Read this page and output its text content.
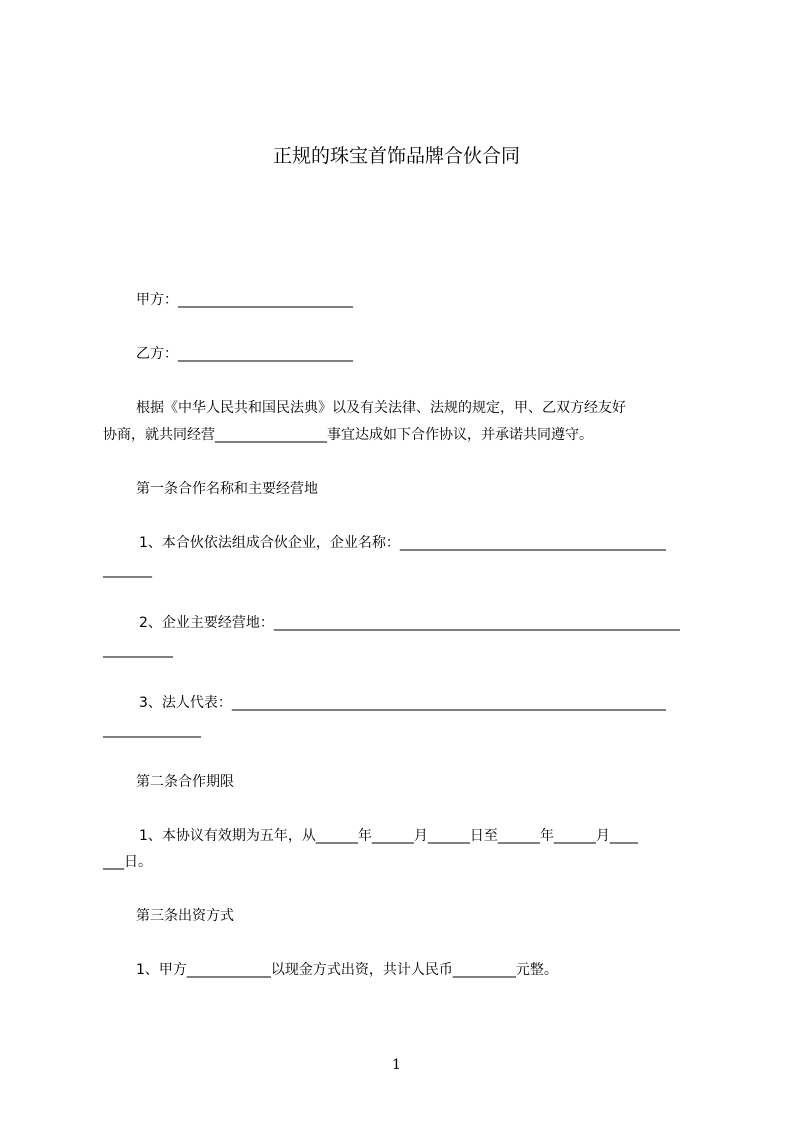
正规的珠宝首饰品牌合伙合同
甲方：_________________________
乙方：_________________________
根据《中华人民共和国民法典》以及有关法律、法规的规定，甲、乙双方经友好
协商，就共同经营________________事宜达成如下合作协议，并承诺共同遵守。
第一条合作名称和主要经营地
1、本合伙依法组成合伙企业，企业名称：______________________________________
_______
2、企业主要经营地：__________________________________________________________
__________
3、法人代表：______________________________________________________________
______________
第二条合作期限
1、本协议有效期为五年，从______年______月______日至______年______月____
___日。
第三条出资方式
1、甲方____________以现金方式出资，共计人民币_________元整。
1
